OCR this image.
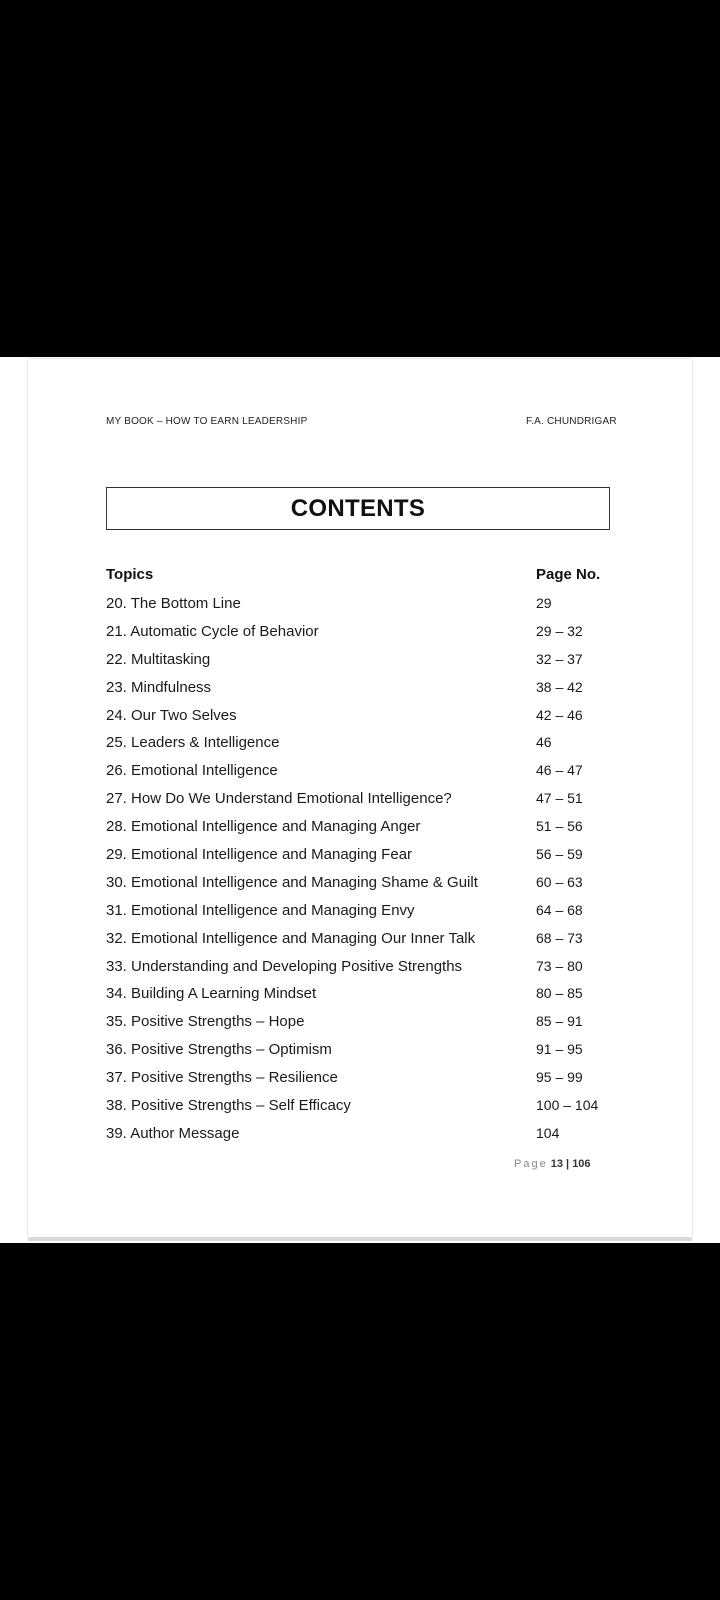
MY BOOK – HOW TO EARN LEADERSHIP	F.A. CHUNDRIGAR
CONTENTS
Topics	Page No.
20. The Bottom Line	29
21. Automatic Cycle of Behavior	29 – 32
22. Multitasking	32 – 37
23. Mindfulness	38 – 42
24. Our Two Selves	42 – 46
25. Leaders & Intelligence	46
26. Emotional Intelligence	46 – 47
27. How Do We Understand Emotional Intelligence?	47 – 51
28. Emotional Intelligence and Managing Anger	51 – 56
29. Emotional Intelligence and Managing Fear	56 – 59
30. Emotional Intelligence and Managing Shame & Guilt	60 – 63
31. Emotional Intelligence and Managing Envy	64 – 68
32. Emotional Intelligence and Managing Our Inner Talk	68 – 73
33. Understanding and Developing Positive Strengths	73 – 80
34. Building A Learning Mindset	80 – 85
35. Positive Strengths – Hope	85 – 91
36. Positive Strengths – Optimism	91 – 95
37. Positive Strengths – Resilience	95 – 99
38. Positive Strengths – Self Efficacy	100 – 104
39. Author Message	104
Page 13 | 106
